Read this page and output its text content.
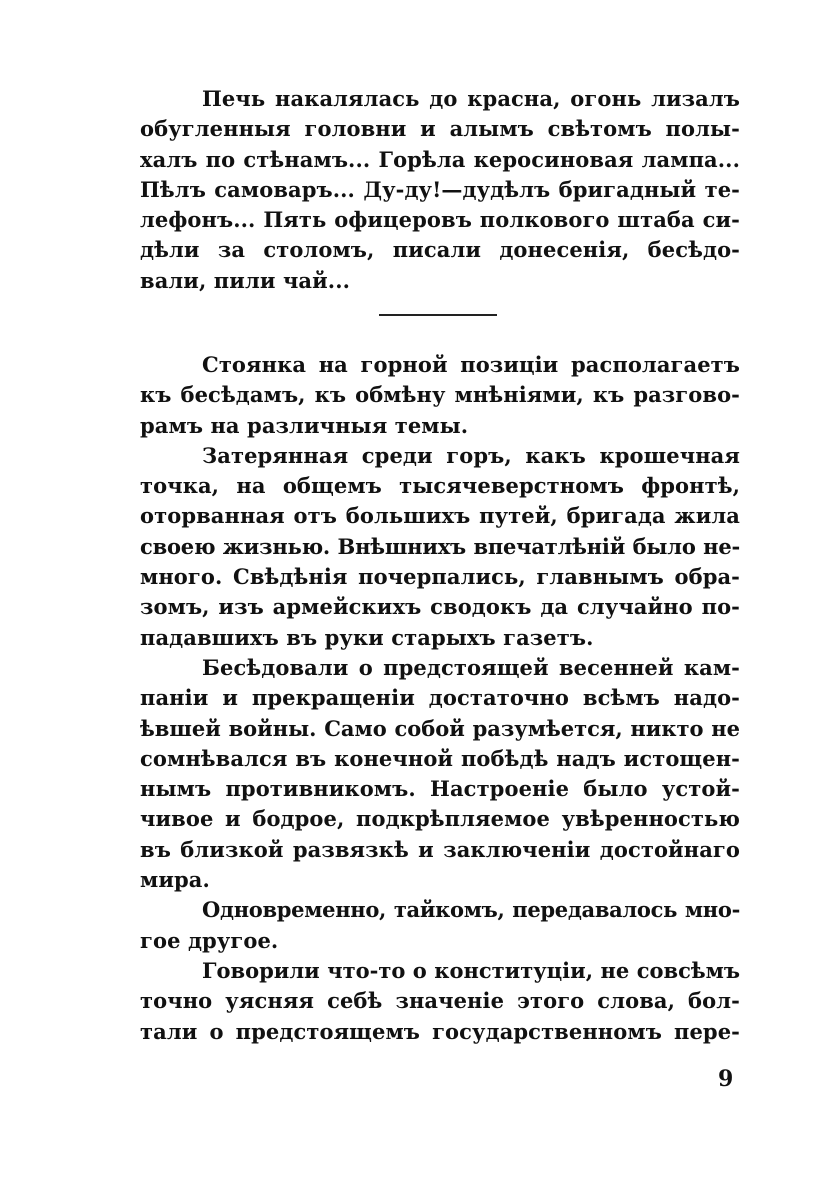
Печь накалялась до красна, огонь лизалъ
обугленныя головни и алымъ свѣтомъ полы-
халъ по стѣнамъ... Горѣла керосиновая лампа...
Пѣлъ самоваръ... Ду-ду!—дудѣлъ бригадный те-
лефонъ... Пять офицеровъ полкового штаба си-
дѣли за столомъ, писали донесенія, бесѣдо-
вали, пили чай...
Стоянка на горной позиціи располагаетъ
къ бесѣдамъ, къ обмѣну мнѣніями, къ разгово-
рамъ на различныя темы.
Затерянная среди горъ, какъ крошечная
точка, на общемъ тысячеверстномъ фронтѣ,
оторванная отъ большихъ путей, бригада жила
своею жизнью. Внѣшнихъ впечатлѣній было не-
много. Свѣдѣнія почерпались, главнымъ обра-
зомъ, изъ армейскихъ сводокъ да случайно по-
падавшихъ въ руки старыхъ газетъ.
Бесѣдовали о предстоящей весенней кам-
паніи и прекращеніи достаточно всѣмъ надо-
ѣвшей войны. Само собой разумѣется, никто не
сомнѣвался въ конечной побѣдѣ надъ истощен-
нымъ противникомъ. Настроеніе было устой-
чивое и бодрое, подкрѣпляемое увѣренностью
въ близкой развязкѣ и заключеніи достойнаго
мира.
Одновременно, тайкомъ, передавалось мно-
гое другое.
Говорили что-то о конституціи, не совсѣмъ
точно уясняя себѣ значеніе этого слова, бол-
тали о предстоящемъ государственномъ пере-
9
